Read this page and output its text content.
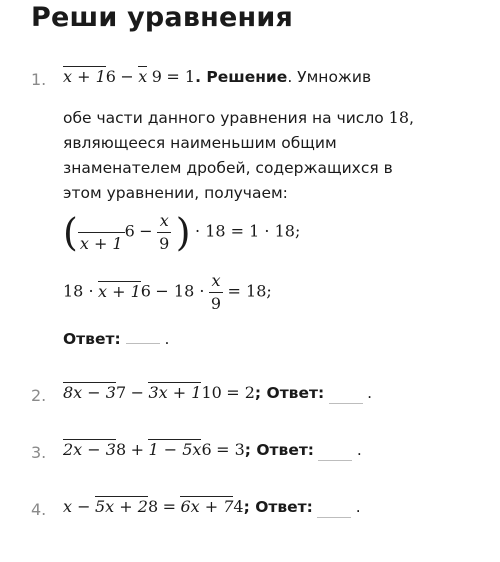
Реши уравнения
1. x + 16 − x 9 = 1. Решение. Умножив
обе части данного уравнения на число 18,
являющееся наименьшим общим
знаменателем дробей, содержащихся в
этом уравнении, получаем:
(
x + 1
$6 - \frac{x}{9}$ ) · 18 = 1 · 18;
$18 \cdot x + 16 - 18 \cdot \frac{x}{9} = 18$;
Ответ:	.
2. 8x − 37 − 3x + 110 = 2; Ответ:	.
3. 2x − 38 + 1 − 5x6 = 3; Ответ:	.
4. x − 5x + 28 = 6x + 74; Ответ:	.
